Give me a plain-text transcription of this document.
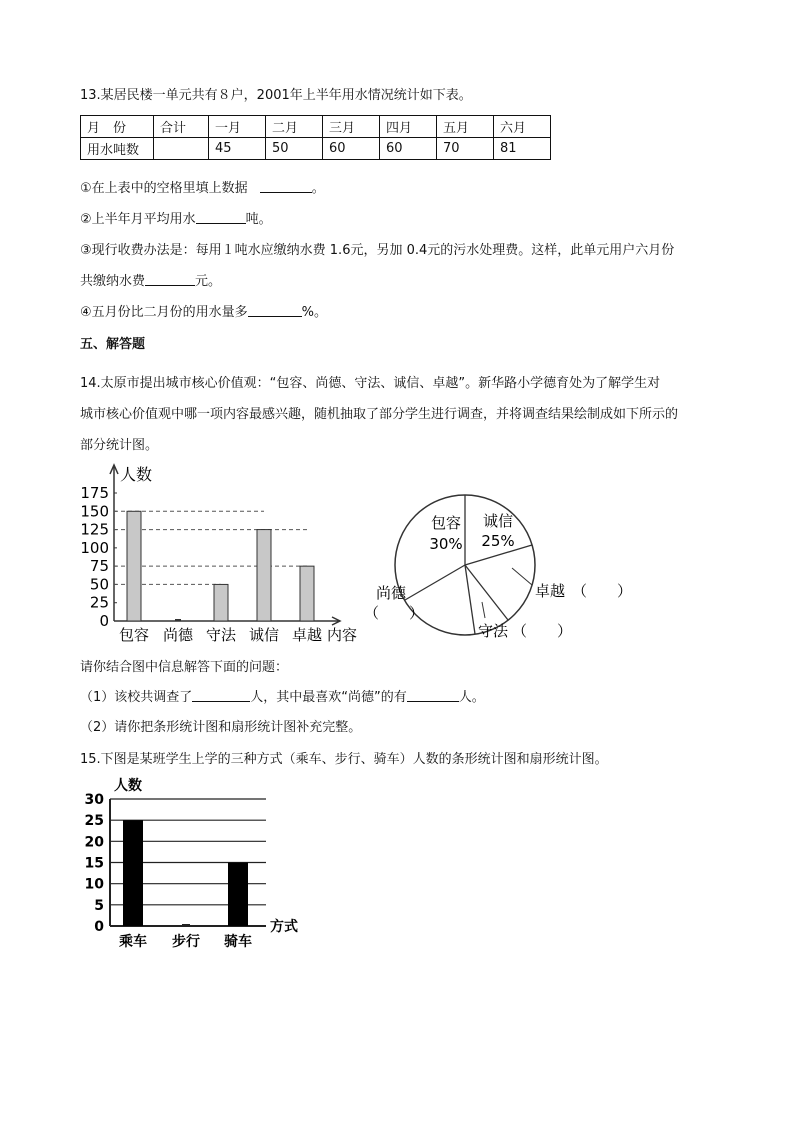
13.某居民楼一单元共有８户，2001年上半年用水情况统计如下表。
月　份	合计	一月	二月	三月	四月	五月	六月
用水吨数		45	50	60	60	70	81
①在上表中的空格里填上数据	。
②上半年月平均用水	吨。
③现行收费办法是：每用１吨水应缴纳水费 1.6元，另加 0.4元的污水处理费。这样，此单元用户六月份
共缴纳水费	元。
④五月份比二月份的用水量多	%。
五、解答题
14.太原市提出城市核心价值观：“包容、尚德、守法、诚信、卓越”。新华路小学德育处为了解学生对
城市核心价值观中哪一项内容最感兴趣，随机抽取了部分学生进行调查，并将调查结果绘制成如下所示的
部分统计图。
人数
0
25
50
75
100
125
150
175
包容 尚德 守法 诚信 卓越 内容
包容
30%
诚信
25%
卓越 （　　）
守法 （　　）
尚德
（　　）
请你结合图中信息解答下面的问题：
（1）该校共调查了	人，其中最喜欢“尚德”的有	人。
（2）请你把条形统计图和扇形统计图补充完整。
15.下图是某班学生上学的三种方式（乘车、步行、骑车）人数的条形统计图和扇形统计图。
人数
0
5
10
15
20
25
30
乘车 步行 骑车
方式
